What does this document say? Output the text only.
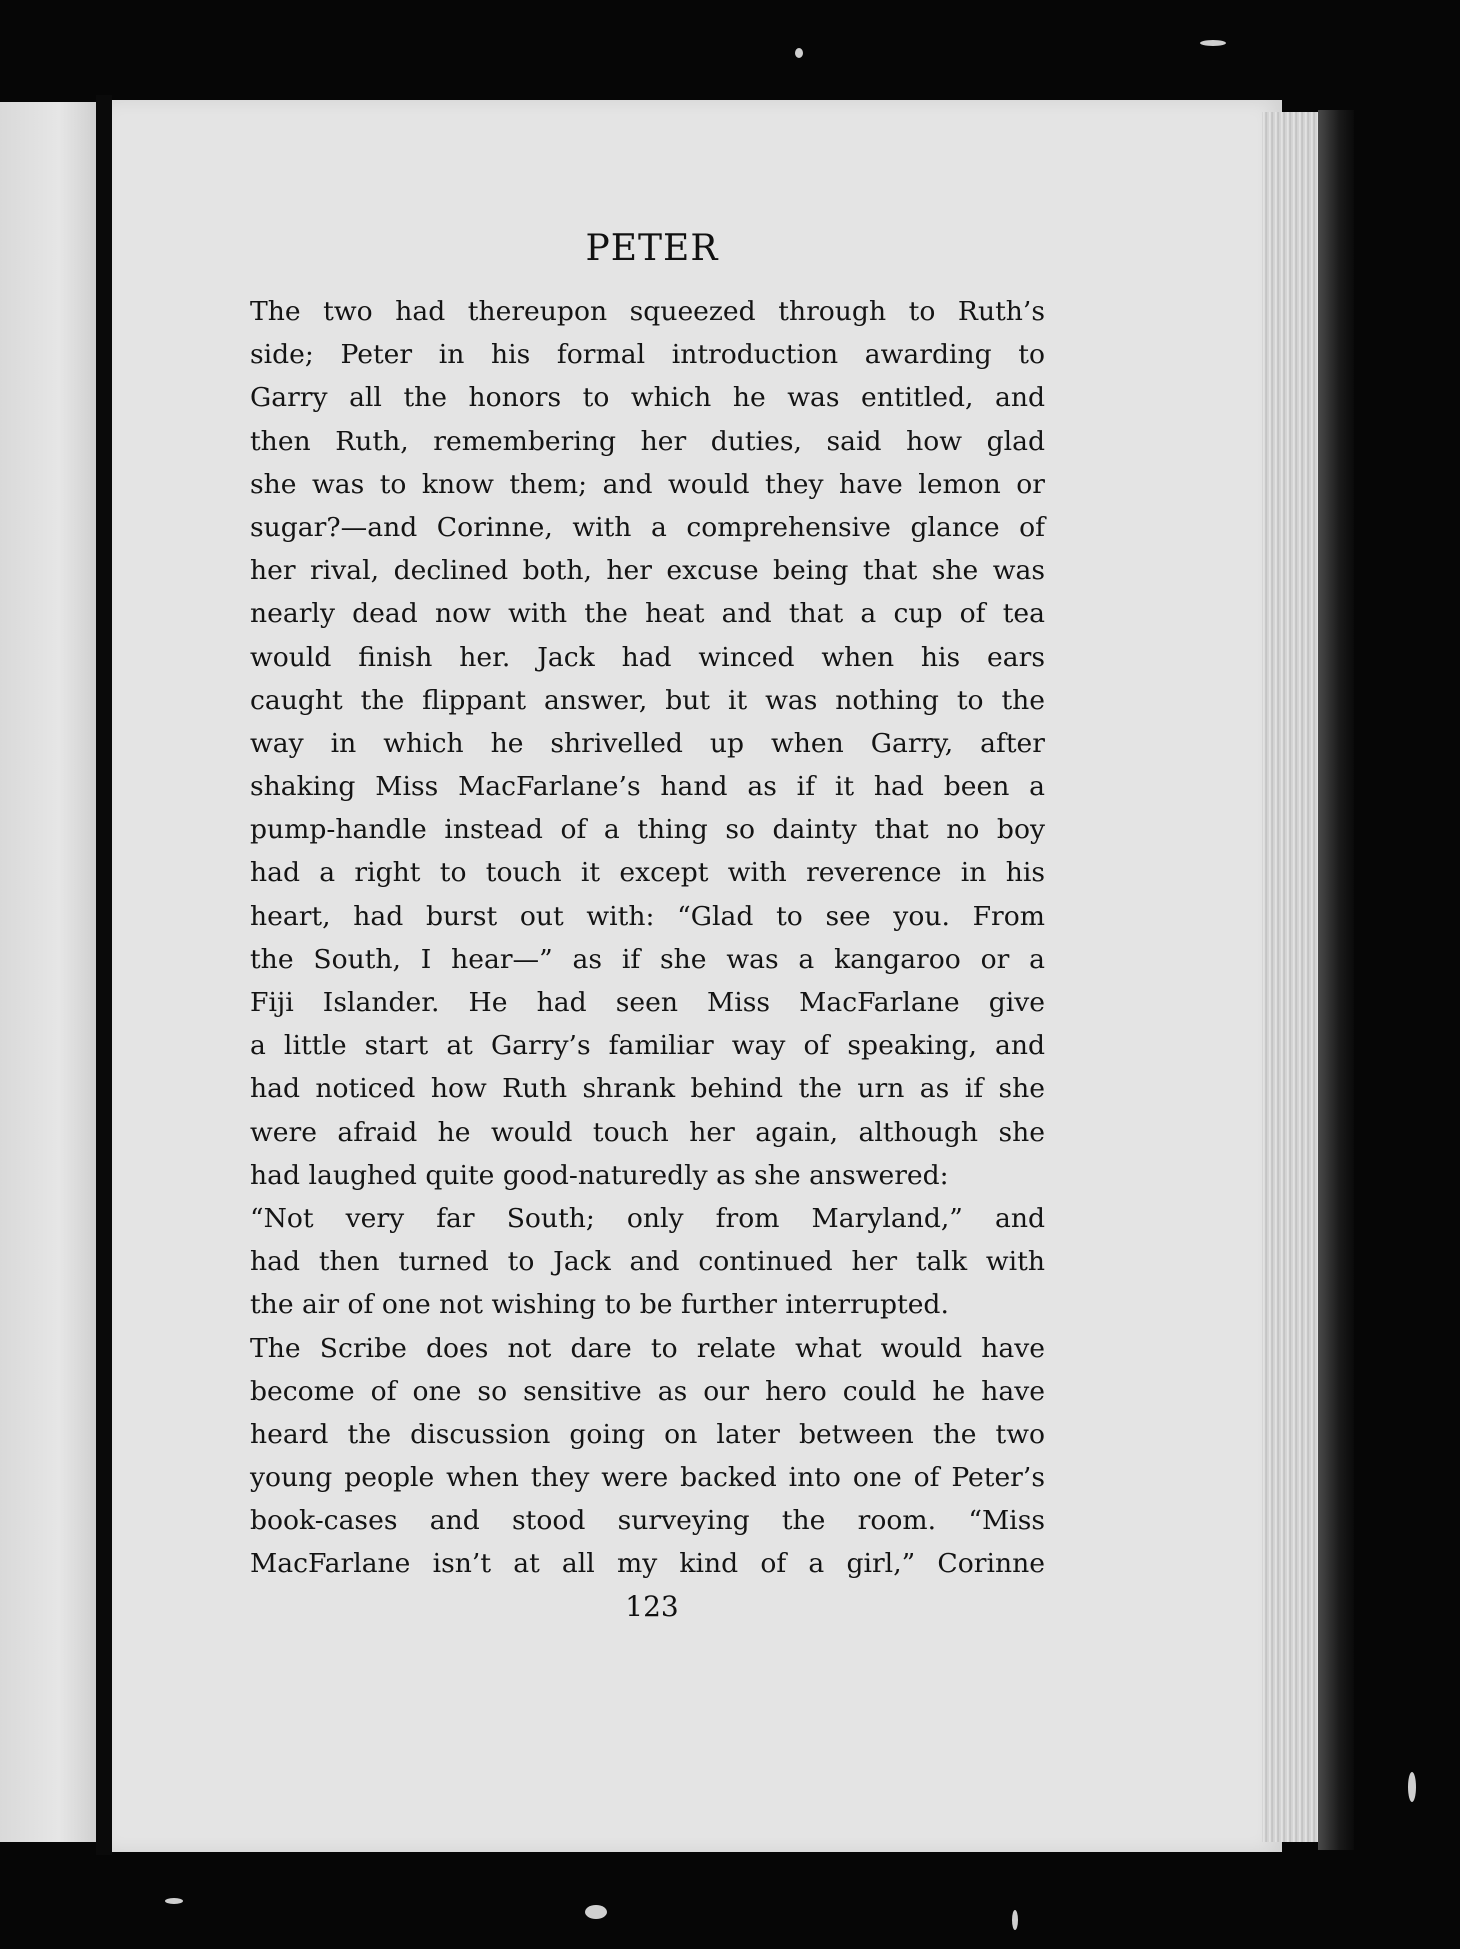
PETER
The two had thereupon squeezed through to Ruth’s
side; Peter in his formal introduction awarding to
Garry all the honors to which he was entitled, and
then Ruth, remembering her duties, said how glad
she was to know them; and would they have lemon or
sugar?—and Corinne, with a comprehensive glance of
her rival, declined both, her excuse being that she was
nearly dead now with the heat and that a cup of tea
would finish her. Jack had winced when his ears
caught the flippant answer, but it was nothing to the
way in which he shrivelled up when Garry, after
shaking Miss MacFarlane’s hand as if it had been a
pump-handle instead of a thing so dainty that no boy
had a right to touch it except with reverence in his
heart, had burst out with: “Glad to see you. From
the South, I hear—” as if she was a kangaroo or a
Fiji Islander. He had seen Miss MacFarlane give
a little start at Garry’s familiar way of speaking, and
had noticed how Ruth shrank behind the urn as if she
were afraid he would touch her again, although she
had laughed quite good-naturedly as she answered:
“Not very far South; only from Maryland,” and
had then turned to Jack and continued her talk with
the air of one not wishing to be further interrupted.
The Scribe does not dare to relate what would have
become of one so sensitive as our hero could he have
heard the discussion going on later between the two
young people when they were backed into one of Peter’s
book-cases and stood surveying the room. “Miss
MacFarlane isn’t at all my kind of a girl,” Corinne
123
